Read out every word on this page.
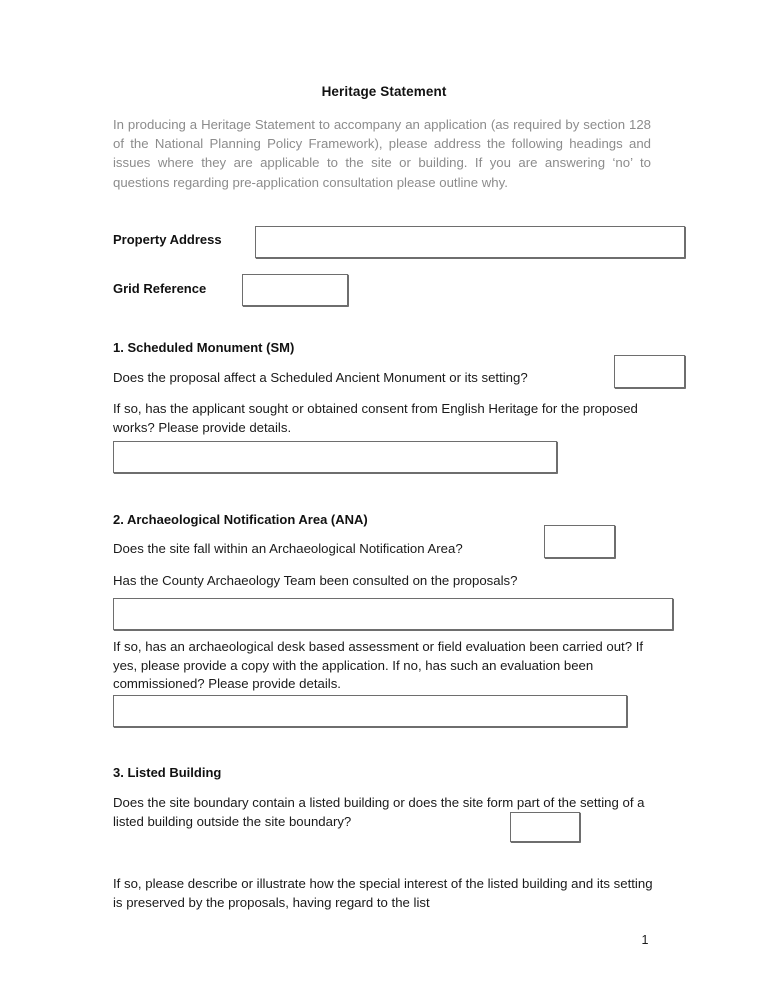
Heritage Statement
In producing a Heritage Statement to accompany an application (as required by section 128 of the National Planning Policy Framework), please address the following headings and issues where they are applicable to the site or building. If you are answering ‘no’ to questions regarding pre-application consultation please outline why.
Property Address
Grid Reference
1. Scheduled Monument (SM)
Does the proposal affect a Scheduled Ancient Monument or its setting?
If so, has the applicant sought or obtained consent from English Heritage for the proposed works? Please provide details.
2. Archaeological Notification Area (ANA)
Does the site fall within an Archaeological Notification Area?
Has the County Archaeology Team been consulted on the proposals?
If so, has an archaeological desk based assessment or field evaluation been carried out? If yes, please provide a copy with the application. If no, has such an evaluation been commissioned? Please provide details.
3. Listed Building
Does the site boundary contain a listed building or does the site form part of the setting of a listed building outside the site boundary?
If so, please describe or illustrate how the special interest of the listed building and its setting is preserved by the proposals, having regard to the list
1
